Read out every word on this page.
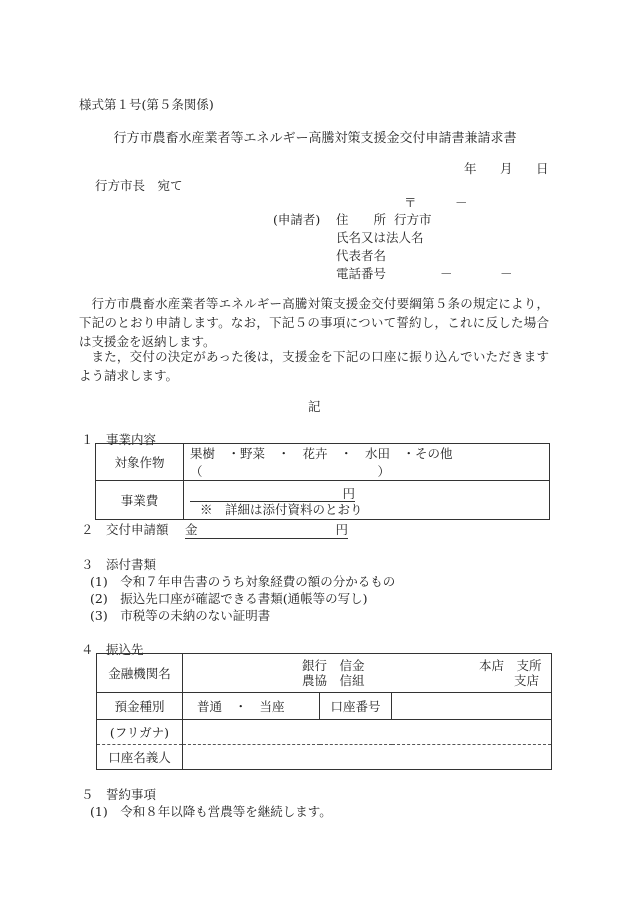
様式第１号(第５条関係)
行方市農畜水産業者等エネルギー高騰対策支援金交付申請書兼請求書
年 月 日
行方市長　宛て
〒	－
(申請者) 住　　所 行方市
氏名又は法人名
代表者名
電話番号	－	－
行方市農畜水産業者等エネルギー高騰対策支援金交付要綱第５条の規定により，下記のとおり申請します。なお，下記５の事項について誓約し，これに反した場合は支援金を返納します。
また，交付の決定があった後は，支援金を下記の口座に振り込んでいただきますよう請求します。
記
１　事業内容
対象作物	果樹　・野菜　・　花卉　・　水田　・その他（　　　　　　　　　　　　　　）
事業費	円
※　詳細は添付資料のとおり
２　交付申請額 金	円
３　添付書類
(1)　令和７年申告書のうち対象経費の額の分かるもの
(2)　振込先口座が確認できる書類(通帳等の写し)
(3)　市税等の未納のない証明書
４　振込先
金融機関名	銀行　信金
農協　信組
本店　支所
支店		

預金種別	普通　・　当座	口座番号	
(フリガナ)			
口座名義人			
５　誓約事項
(1)　令和８年以降も営農等を継続します。
